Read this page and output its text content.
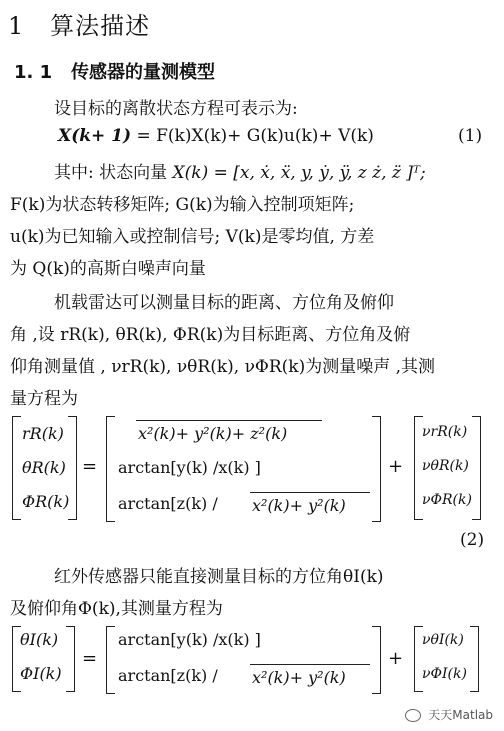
1 算法描述
1. 1 传感器的量测模型
设目标的离散状态方程可表示为:
X(k+ 1) = F(k)X(k)+ G(k)u(k)+ V(k)	(1)
其中: 状态向量 X(k) = [x, ẋ, ẍ, y, ẏ, ÿ, z ż, z̈ ]ᵀ;
F(k)为状态转移矩阵; G(k)为输入控制项矩阵;
u(k)为已知输入或控制信号; V(k)是零均值, 方差
为 Q(k)的高斯白噪声向量
机载雷达可以测量目标的距离、方位角及俯仰
角 ,设 rR(k), θR(k), ΦR(k)为目标距离、方位角及俯
仰角测量值 , νrR(k), νθR(k), νΦR(k)为测量噪声 ,其测
量方程为
rR(k)
θR(k)
ΦR(k)
=
x²(k)+ y²(k)+ z²(k)
arctan[y(k) /x(k) ]
arctan[z(k) / x²(k)+ y²(k)
+
νrR(k)
νθR(k)
νΦR(k)
(2)
红外传感器只能直接测量目标的方位角θI(k)
及俯仰角Φ(k),其测量方程为
θI(k)
ΦI(k)
=
arctan[y(k) /x(k) ]
arctan[z(k) / x²(k)+ y²(k)
+
νθI(k)
νΦI(k)
天天Matlab
